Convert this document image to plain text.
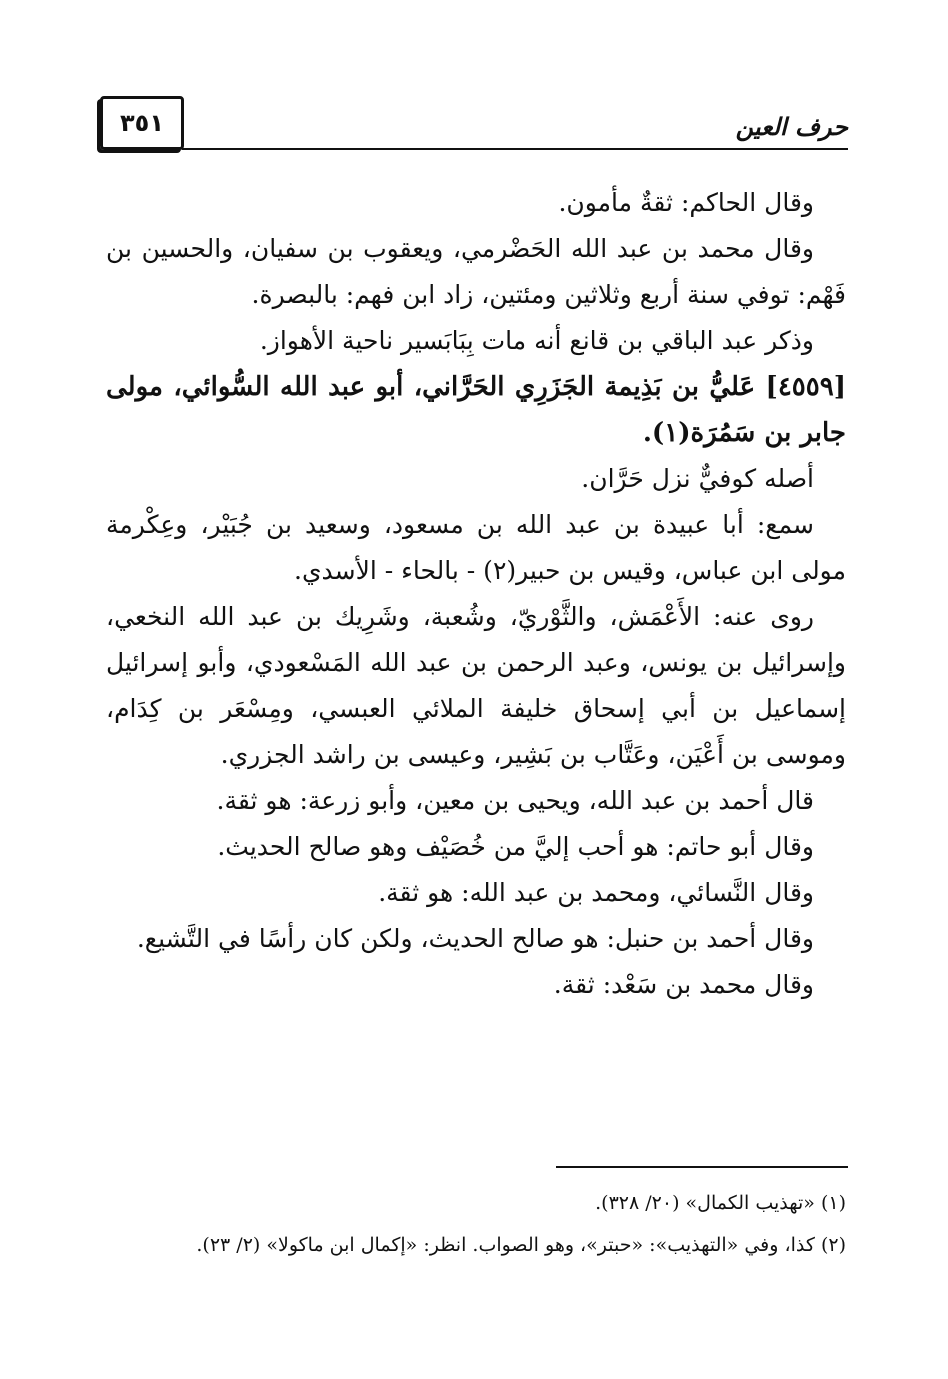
٣٥١	حرف العين

وقال الحاكم: ثقةٌ مأمون.

وقال محمد بن عبد الله الحَضْرمي، ويعقوب بن سفيان، والحسين بن فَهْم: توفي سنة أربع وثلاثين ومئتين، زاد ابن فهم: بالبصرة.

وذكر عبد الباقي بن قانع أنه مات بِبَابَسير ناحية الأهواز.

[٤٥٥٩] عَليُّ بن بَذِيمة الجَزَرِي الحَرَّاني، أبو عبد الله السُّوائي، مولى جابر بن سَمُرَة(١).

أصله كوفيٌّ نزل حَرَّان.

سمع: أبا عبيدة بن عبد الله بن مسعود، وسعيد بن جُبَيْر، وعِكْرمة مولى ابن عباس، وقيس بن حبير(٢) - بالحاء - الأسدي.

روى عنه: الأَعْمَش، والثَّوْريّ، وشُعبة، وشَرِيك بن عبد الله النخعي، وإسرائيل بن يونس، وعبد الرحمن بن عبد الله المَسْعودي، وأبو إسرائيل إسماعيل بن أبي إسحاق خليفة الملائي العبسي، ومِسْعَر بن كِدَام، وموسى بن أَعْيَن، وعَتَّاب بن بَشِير، وعيسى بن راشد الجزري.

قال أحمد بن عبد الله، ويحيى بن معين، وأبو زرعة: هو ثقة.

وقال أبو حاتم: هو أحب إليَّ من خُصَيْف وهو صالح الحديث.

وقال النَّسائي، ومحمد بن عبد الله: هو ثقة.

وقال أحمد بن حنبل: هو صالح الحديث، ولكن كان رأسًا في التَّشيع.

وقال محمد بن سَعْد: ثقة.

(١) «تهذيب الكمال» (٢٠/ ٣٢٨).

(٢) كذا، وفي «التهذيب»: «حبتر»، وهو الصواب. انظر: «إكمال ابن ماكولا» (٢/ ٢٣).
